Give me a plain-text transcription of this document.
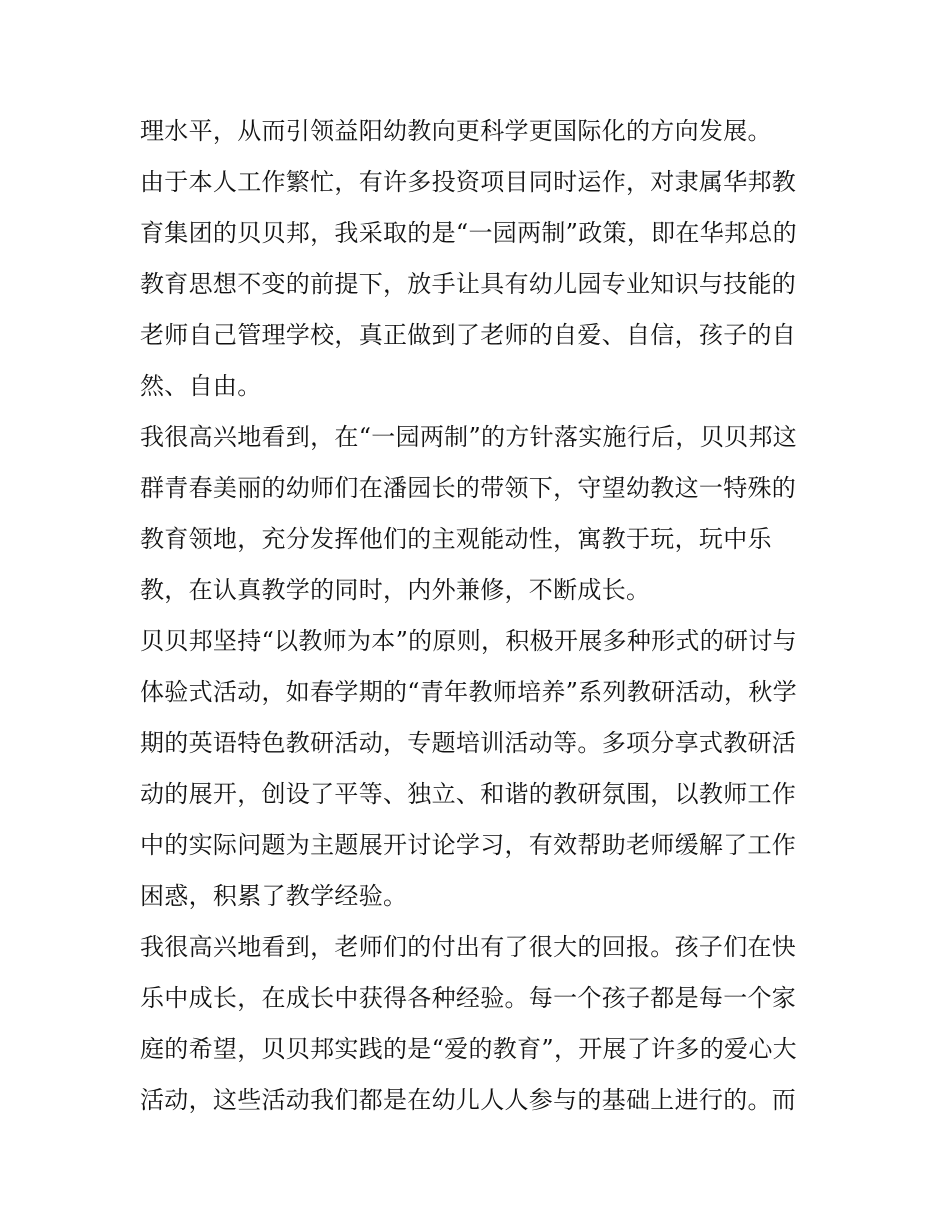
理水平，从而引领益阳幼教向更科学更国际化的方向发展。
由于本人工作繁忙，有许多投资项目同时运作，对隶属华邦教
育集团的贝贝邦，我采取的是“一园两制”政策，即在华邦总的
教育思想不变的前提下，放手让具有幼儿园专业知识与技能的
老师自己管理学校，真正做到了老师的自爱、自信，孩子的自
然、自由。
我很高兴地看到，在“一园两制”的方针落实施行后，贝贝邦这
群青春美丽的幼师们在潘园长的带领下，守望幼教这一特殊的
教育领地，充分发挥他们的主观能动性，寓教于玩，玩中乐
教，在认真教学的同时，内外兼修，不断成长。
贝贝邦坚持“以教师为本”的原则，积极开展多种形式的研讨与
体验式活动，如春学期的“青年教师培养”系列教研活动，秋学
期的英语特色教研活动，专题培训活动等。多项分享式教研活
动的展开，创设了平等、独立、和谐的教研氛围，以教师工作
中的实际问题为主题展开讨论学习，有效帮助老师缓解了工作
困惑，积累了教学经验。
我很高兴地看到，老师们的付出有了很大的回报。孩子们在快
乐中成长，在成长中获得各种经验。每一个孩子都是每一个家
庭的希望，贝贝邦实践的是“爱的教育”，开展了许多的爱心大
活动，这些活动我们都是在幼儿人人参与的基础上进行的。而
